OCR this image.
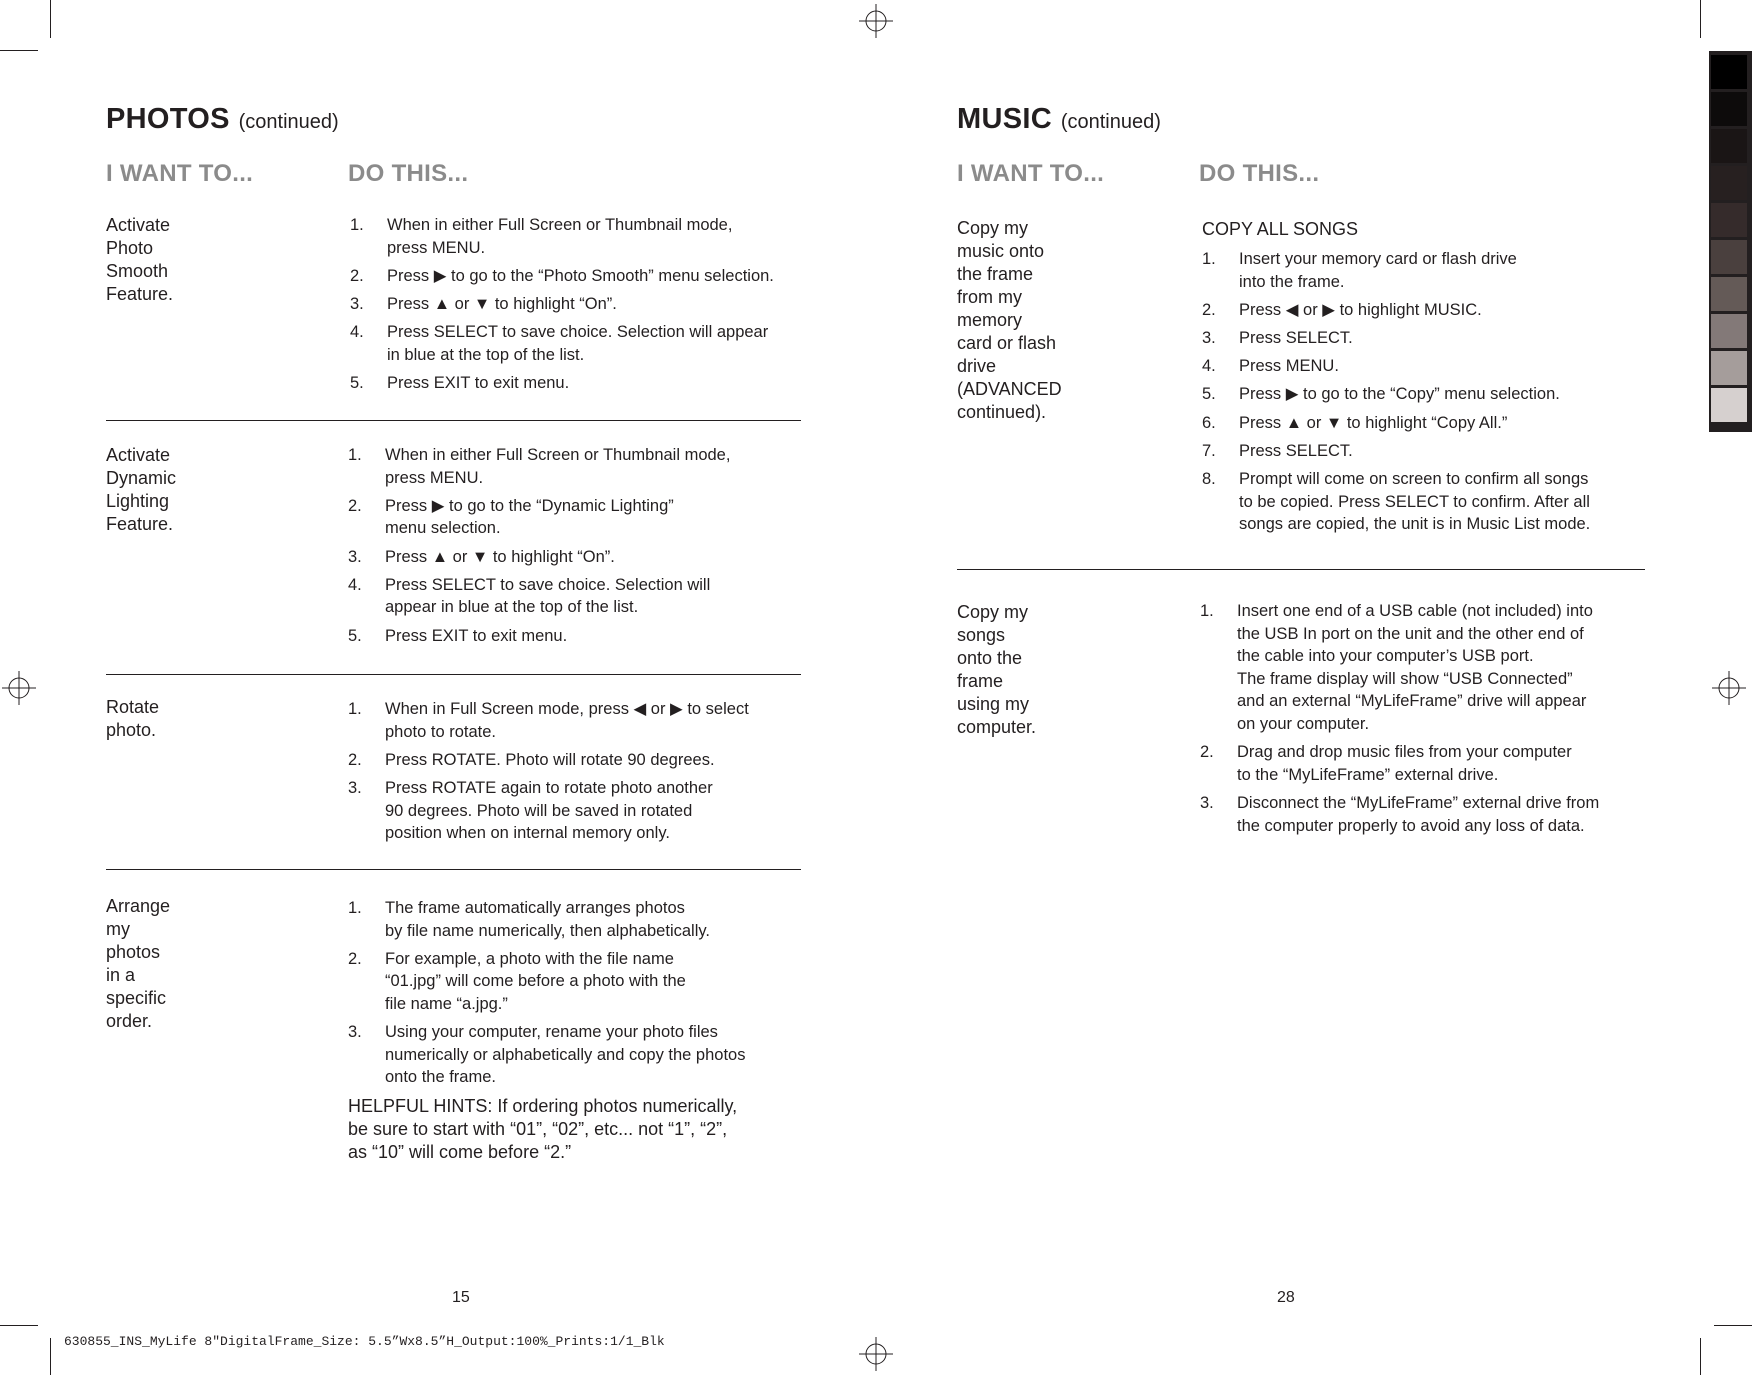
PHOTOS (continued)
I WANT TO...	DO THIS...
Activate Photo
Smooth Feature.
1. When in either Full Screen or Thumbnail mode,
press MENU.
2. Press ▶ to go to the “Photo Smooth” menu selection.
3. Press ▲ or ▼ to highlight “On”.
4. Press SELECT to save choice. Selection will appear
in blue at the top of the list.
5. Press EXIT to exit menu.
Activate Dynamic
Lighting Feature.
1. When in either Full Screen or Thumbnail mode,
press MENU.
2. Press ▶ to go to the “Dynamic Lighting”
menu selection.
3. Press ▲ or ▼ to highlight “On”.
4. Press SELECT to save choice. Selection will
appear in blue at the top of the list.
5. Press EXIT to exit menu.
Rotate photo.
1. When in Full Screen mode, press ◀ or ▶ to select
photo to rotate.
2. Press ROTATE. Photo will rotate 90 degrees.
3. Press ROTATE again to rotate photo another
90 degrees. Photo will be saved in rotated
position when on internal memory only.
Arrange my photos
in a specific order.
1. The frame automatically arranges photos
by file name numerically, then alphabetically.
2. For example, a photo with the file name
“01.jpg” will come before a photo with the
file name “a.jpg.”
3. Using your computer, rename your photo files
numerically or alphabetically and copy the photos
onto the frame.
HELPFUL HINTS: If ordering photos numerically,
be sure to start with “01”, “02”, etc... not “1”, “2”,
as “10” will come before “2.”
15
MUSIC (continued)
I WANT TO...	DO THIS...
Copy my music onto
the frame from my
memory card or flash drive
(ADVANCED continued).
COPY ALL SONGS
1. Insert your memory card or flash drive
into the frame.
2. Press ◀ or ▶ to highlight MUSIC.
3. Press SELECT.
4. Press MENU.
5. Press ▶ to go to the “Copy” menu selection.
6. Press ▲ or ▼ to highlight “Copy All.”
7. Press SELECT.
8. Prompt will come on screen to confirm all songs
to be copied. Press SELECT to confirm. After all
songs are copied, the unit is in Music List mode.
Copy my songs
onto the frame
using my computer.
1. Insert one end of a USB cable (not included) into
the USB In port on the unit and the other end of
the cable into your computer’s USB port.
The frame display will show “USB Connected”
and an external “MyLifeFrame” drive will appear
on your computer.
2. Drag and drop music files from your computer
to the “MyLifeFrame” external drive.
3. Disconnect the “MyLifeFrame” external drive from
the computer properly to avoid any loss of data.
28
630855_INS_MyLife 8"DigitalFrame_Size: 5.5”Wx8.5”H_Output:100%_Prints:1/1_Blk
